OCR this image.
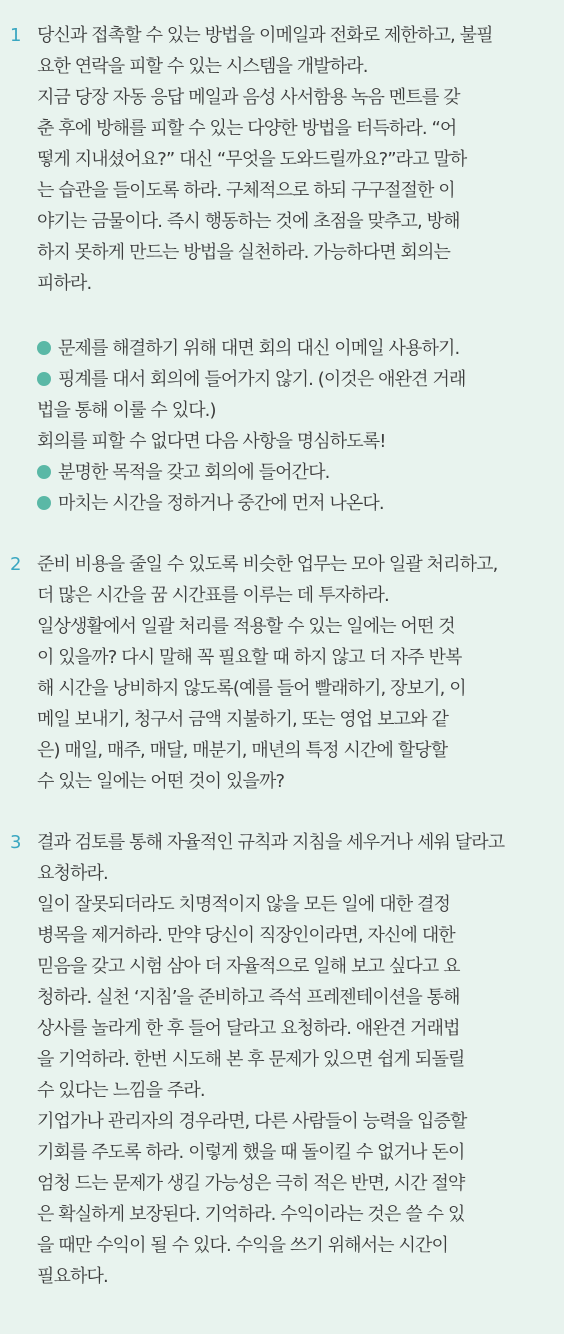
1 당신과 접촉할 수 있는 방법을 이메일과 전화로 제한하고, 불필
요한 연락을 피할 수 있는 시스템을 개발하라.
지금 당장 자동 응답 메일과 음성 사서함용 녹음 멘트를 갖
춘 후에 방해를 피할 수 있는 다양한 방법을 터득하라. “어
떻게 지내셨어요?” 대신 “무엇을 도와드릴까요?”라고 말하
는 습관을 들이도록 하라. 구체적으로 하되 구구절절한 이
야기는 금물이다. 즉시 행동하는 것에 초점을 맞추고, 방해
하지 못하게 만드는 방법을 실천하라. 가능하다면 회의는
피하라.
문제를 해결하기 위해 대면 회의 대신 이메일 사용하기.
핑계를 대서 회의에 들어가지 않기. (이것은 애완견 거래
법을 통해 이룰 수 있다.)
회의를 피할 수 없다면 다음 사항을 명심하도록!
분명한 목적을 갖고 회의에 들어간다.
마치는 시간을 정하거나 중간에 먼저 나온다.
2 준비 비용을 줄일 수 있도록 비슷한 업무는 모아 일괄 처리하고,
더 많은 시간을 꿈 시간표를 이루는 데 투자하라.
일상생활에서 일괄 처리를 적용할 수 있는 일에는 어떤 것
이 있을까? 다시 말해 꼭 필요할 때 하지 않고 더 자주 반복
해 시간을 낭비하지 않도록(예를 들어 빨래하기, 장보기, 이
메일 보내기, 청구서 금액 지불하기, 또는 영업 보고와 같
은) 매일, 매주, 매달, 매분기, 매년의 특정 시간에 할당할
수 있는 일에는 어떤 것이 있을까?
3 결과 검토를 통해 자율적인 규칙과 지침을 세우거나 세워 달라고
요청하라.
일이 잘못되더라도 치명적이지 않을 모든 일에 대한 결정
병목을 제거하라. 만약 당신이 직장인이라면, 자신에 대한
믿음을 갖고 시험 삼아 더 자율적으로 일해 보고 싶다고 요
청하라. 실천 ‘지침’을 준비하고 즉석 프레젠테이션을 통해
상사를 놀라게 한 후 들어 달라고 요청하라. 애완견 거래법
을 기억하라. 한번 시도해 본 후 문제가 있으면 쉽게 되돌릴
수 있다는 느낌을 주라.
기업가나 관리자의 경우라면, 다른 사람들이 능력을 입증할
기회를 주도록 하라. 이렇게 했을 때 돌이킬 수 없거나 돈이
엄청 드는 문제가 생길 가능성은 극히 적은 반면, 시간 절약
은 확실하게 보장된다. 기억하라. 수익이라는 것은 쓸 수 있
을 때만 수익이 될 수 있다. 수익을 쓰기 위해서는 시간이
필요하다.
